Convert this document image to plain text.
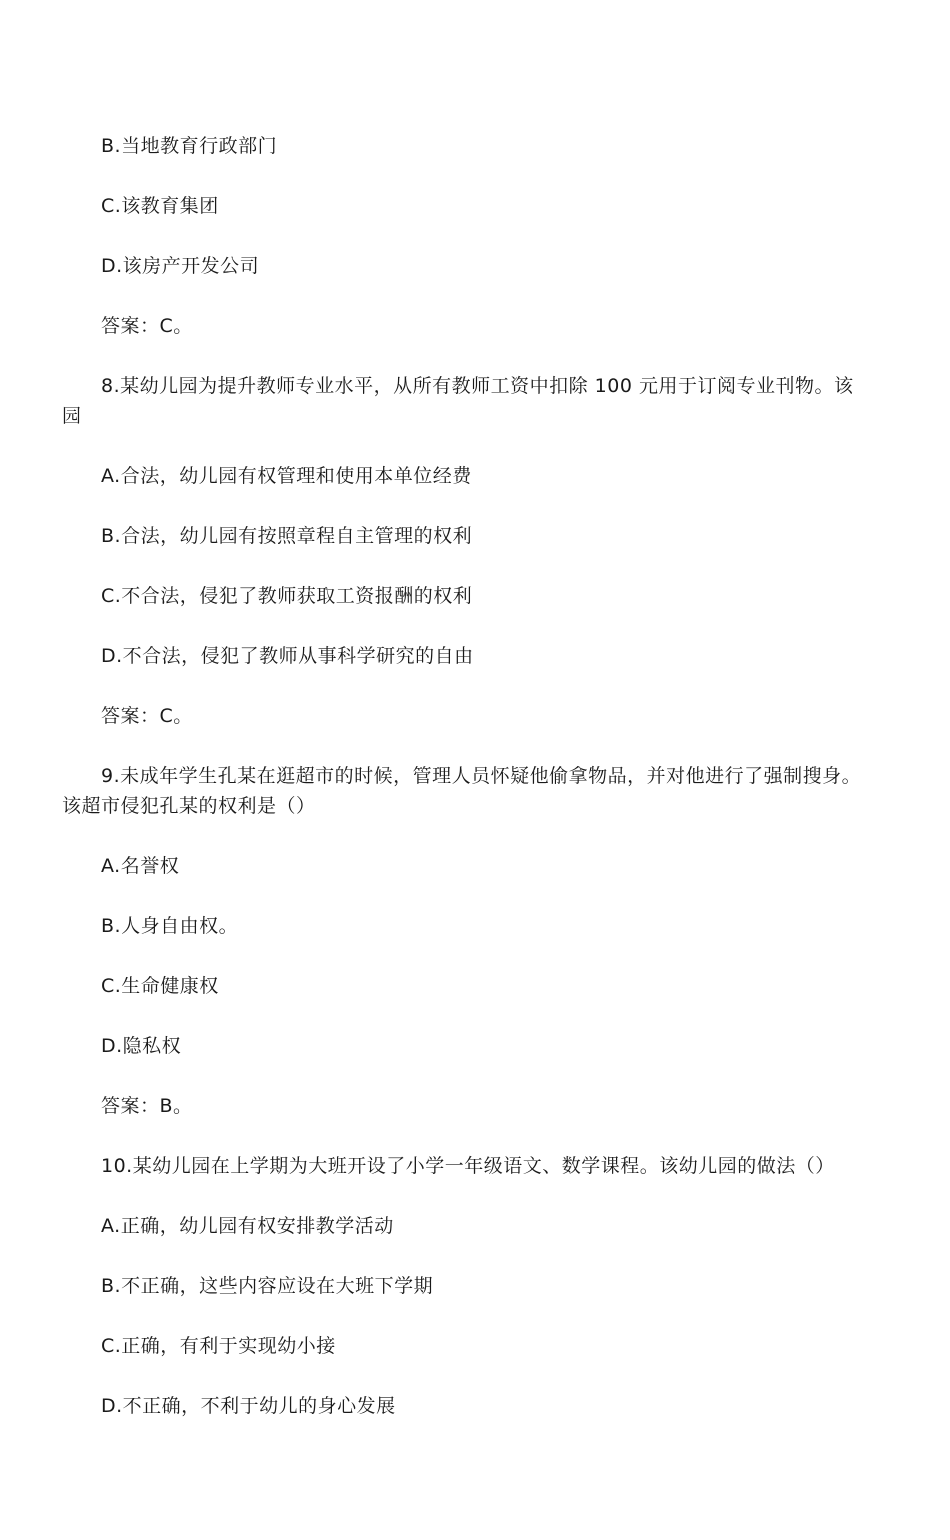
B.当地教育行政部门
C.该教育集团
D.该房产开发公司
答案：C。
8.某幼儿园为提升教师专业水平，从所有教师工资中扣除 100 元用于订阅专业刊物。该园
A.合法，幼儿园有权管理和使用本单位经费
B.合法，幼儿园有按照章程自主管理的权利
C.不合法，侵犯了教师获取工资报酬的权利
D.不合法，侵犯了教师从事科学研究的自由
答案：C。
9.未成年学生孔某在逛超市的时候，管理人员怀疑他偷拿物品，并对他进行了强制搜身。该超市侵犯孔某的权利是（）
A.名誉权
B.人身自由权。
C.生命健康权
D.隐私权
答案：B。
10.某幼儿园在上学期为大班开设了小学一年级语文、数学课程。该幼儿园的做法（）
A.正确，幼儿园有权安排教学活动
B.不正确，这些内容应设在大班下学期
C.正确，有利于实现幼小接
D.不正确，不利于幼儿的身心发展
